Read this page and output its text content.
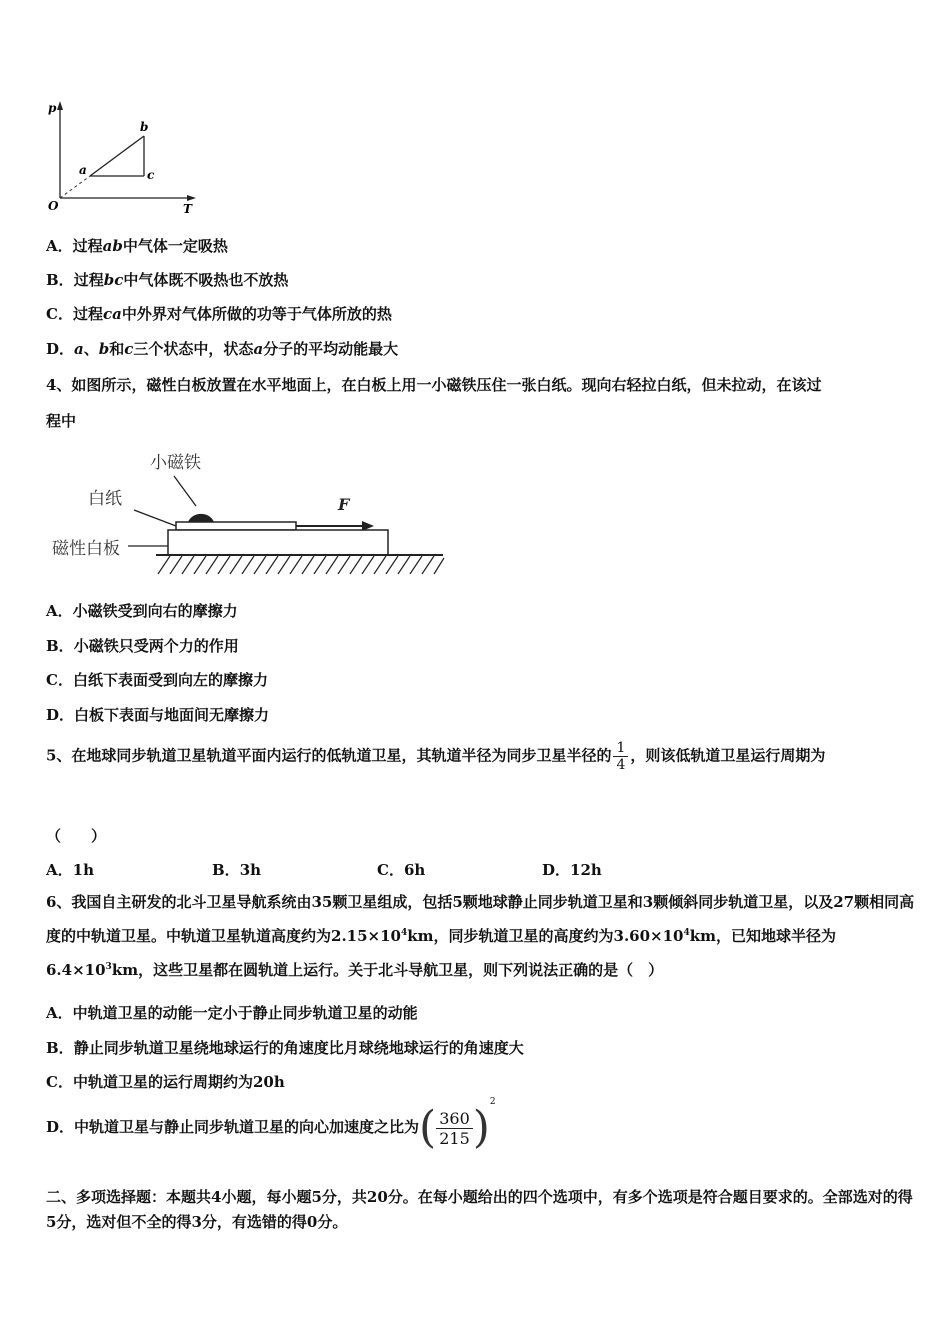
p
T
O
a
b
c
A．过程ab中气体一定吸热
B．过程bc中气体既不吸热也不放热
C．过程ca中外界对气体所做的功等于气体所放的热
D．a、b和c三个状态中，状态a分子的平均动能最大
4、如图所示，磁性白板放置在水平地面上，在白板上用一小磁铁压住一张白纸。现向右轻拉白纸，但未拉动，在该过
程中
小磁铁
白纸
磁性白板
F
A．小磁铁受到向右的摩擦力
B．小磁铁只受两个力的作用
C．白纸下表面受到向左的摩擦力
D．白板下表面与地面间无摩擦力
5、在地球同步轨道卫星轨道平面内运行的低轨道卫星，其轨道半径为同步卫星半径的 $\frac{1}{4}$ ，则该低轨道卫星运行周期为
（　　）
A．1h	B．3h	C．6h	D．12h
6、我国自主研发的北斗卫星导航系统由35颗卫星组成，包括5颗地球静止同步轨道卫星和3颗倾斜同步轨道卫星，以及27颗相同高度的中轨道卫星。中轨道卫星轨道高度约为$2.15\times 10^4km$，同步轨道卫星的高度约为$3.60\times 10^4km$，已知地球半径为$6.4\times 10^3km$，这些卫星都在圆轨道上运行。关于北斗导航卫星，则下列说法正确的是（　）
A．中轨道卫星的动能一定小于静止同步轨道卫星的动能
B．静止同步轨道卫星绕地球运行的角速度比月球绕地球运行的角速度大
C．中轨道卫星的运行周期约为20h
D．中轨道卫星与静止同步轨道卫星的向心加速度之比为( $\frac{360}{215} )^2$
二、多项选择题：本题共4小题，每小题5分，共20分。在每小题给出的四个选项中，有多个选项是符合题目要求的。全部选对的得5分，选对但不全的得3分，有选错的得0分。
